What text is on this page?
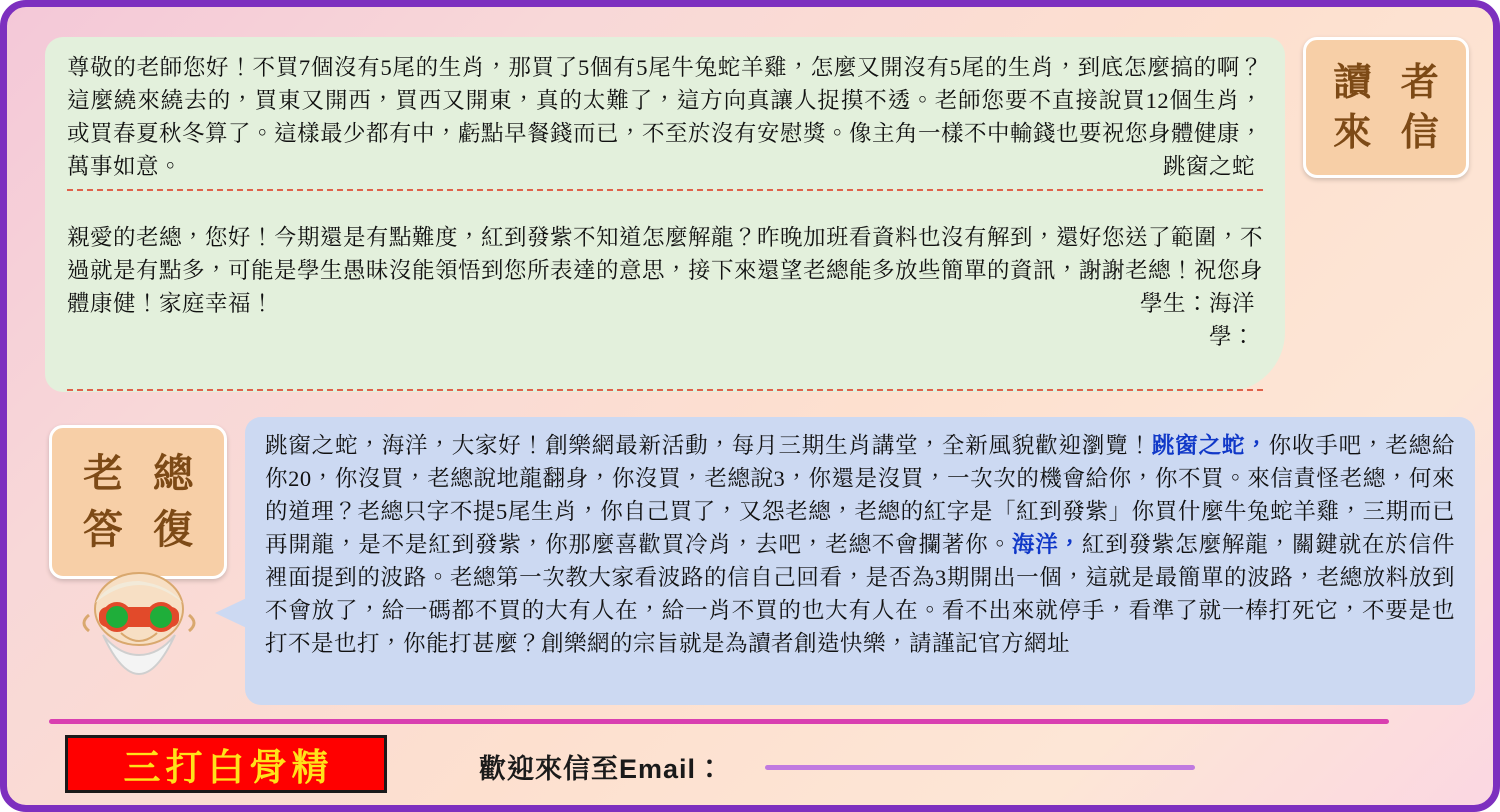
尊敬的老師您好！不買7個沒有5尾的生肖，那買了5個有5尾牛兔蛇羊雞，怎麼又開沒有5尾的生肖，到底怎麼搞的啊？這麼繞來繞去的，買東又開西，買西又開東，真的太難了，這方向真讓人捉摸不透。老師您要不直接說買12個生肖，或買春夏秋冬算了。這樣最少都有中，虧點早餐錢而已，不至於沒有安慰獎。像主角一樣不中輸錢也要祝您身體健康，萬事如意。	跳窗之蛇
親愛的老總，您好！今期還是有點難度，紅到發紫不知道怎麼解龍？昨晚加班看資料也沒有解到，還好您送了範圍，不過就是有點多，可能是學生愚昧沒能領悟到您所表達的意思，接下來還望老總能多放些簡單的資訊，謝謝老總！祝您身體康健！家庭幸福！	學生：海洋
學：
讀 者
來 信
老 總
答 復
跳窗之蛇，海洋，大家好！創樂網最新活動，每月三期生肖講堂，全新風貌歡迎瀏覽！跳窗之蛇，你收手吧，老總給你20，你沒買，老總說地龍翻身，你沒買，老總說3，你還是沒買，一次次的機會給你，你不買。來信責怪老總，何來的道理？老總只字不提5尾生肖，你自己買了，又怨老總，老總的紅字是「紅到發紫」你買什麼牛兔蛇羊雞，三期而已再開龍，是不是紅到發紫，你那麼喜歡買冷肖，去吧，老總不會攔著你。海洋，紅到發紫怎麼解龍，關鍵就在於信件裡面提到的波路。老總第一次教大家看波路的信自己回看，是否為3期開出一個，這就是最簡單的波路，老總放料放到不會放了，給一碼都不買的大有人在，給一肖不買的也大有人在。看不出來就停手，看準了就一棒打死它，不要是也打不是也打，你能打甚麼？創樂網的宗旨就是為讀者創造快樂，請謹記官方網址
三打白骨精	歡迎來信至Email：
